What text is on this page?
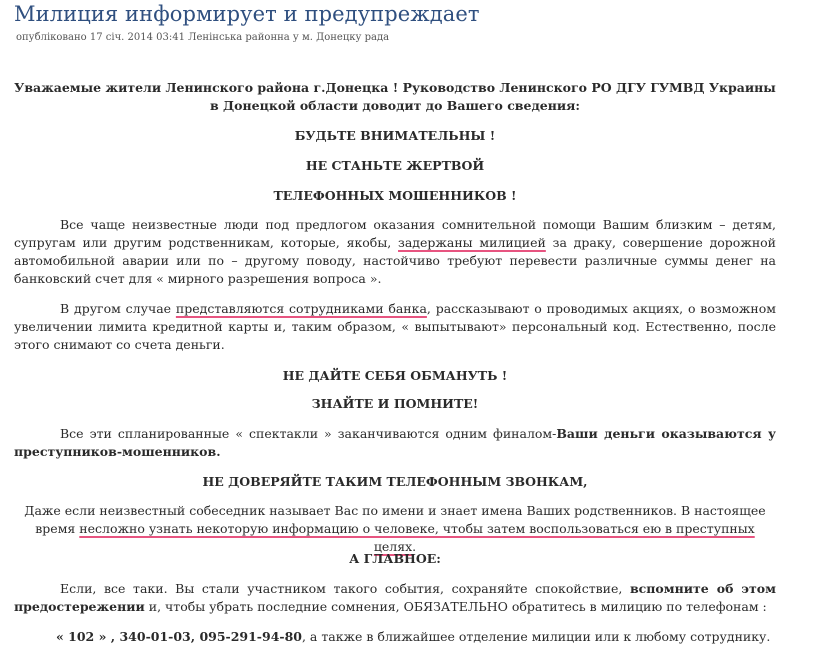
Милиция информирует и предупреждает
опубліковано 17 січ. 2014 03:41 Ленінська районна у м. Донецку рада

Уважаемые жители Ленинского района г.Донецка ! Руководство Ленинского РО ДГУ ГУМВД Украины в Донецкой области доводит до Вашего сведения:

БУДЬТЕ ВНИМАТЕЛЬНЫ !

НЕ СТАНЬТЕ ЖЕРТВОЙ

ТЕЛЕФОННЫХ МОШЕННИКОВ !

Все чаще неизвестные люди под предлогом оказания сомнительной помощи Вашим близким – детям, супругам или другим родственникам, которые, якобы, задержаны милицией за драку, совершение дорожной автомобильной аварии или по – другому поводу, настойчиво требуют перевести различные суммы денег на банковский счет для « мирного разрешения вопроса ».

В другом случае представляются сотрудниками банка, рассказывают о проводимых акциях, о возможном увеличении лимита кредитной карты и, таким образом, « выпытывают» персональный код. Естественно, после этого снимают со счета деньги.

НЕ ДАЙТЕ СЕБЯ ОБМАНУТЬ !

ЗНАЙТЕ И ПОМНИТЕ!

Все эти спланированные « спектакли » заканчиваются одним финалом-Ваши деньги оказываются у преступников-мошенников.

НЕ ДОВЕРЯЙТЕ ТАКИМ ТЕЛЕФОННЫМ ЗВОНКАМ,

Даже если неизвестный собеседник называет Вас по имени и знает имена Ваших родственников. В настоящее время несложно узнать некоторую информацию о человеке, чтобы затем воспользоваться ею в преступных целях.

А ГЛАВНОЕ:

Если, все таки. Вы стали участником такого события, сохраняйте спокойствие, вспомните об этом предостережении и, чтобы убрать последние сомнения, ОБЯЗАТЕЛЬНО обратитесь в милицию по телефонам :

« 102 » , 340-01-03, 095-291-94-80, а также в ближайшее отделение милиции или к любому сотруднику.
